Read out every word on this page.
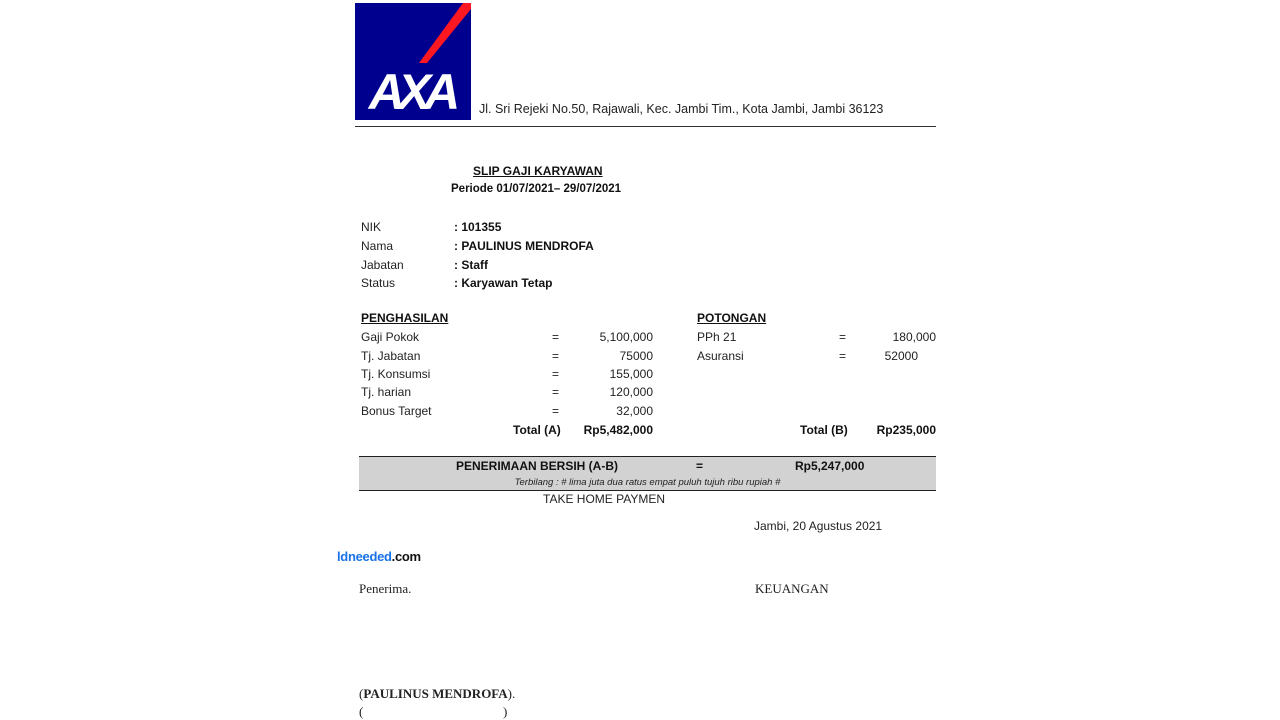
AXA	Jl. Sri Rejeki No.50, Rajawali, Kec. Jambi Tim., Kota Jambi, Jambi 36123
SLIP GAJI KARYAWAN
Periode 01/07/2021– 29/07/2021
NIK	: 101355
Nama	: PAULINUS MENDROFA
Jabatan	: Staff
Status	: Karyawan Tetap
PENGHASILAN
Gaji Pokok	=	5,100,000
Tj. Jabatan	=	75000
Tj. Konsumsi	=	155,000
Tj. harian	=	120,000
Bonus Target	=	32,000
Total (A)	Rp5,482,000
POTONGAN
PPh 21	=	180,000
Asuransi	=	52000
Total (B)	Rp235,000
PENERIMAAN BERSIH (A-B)	=	Rp5,247,000
Terbilang : # lima juta dua ratus empat puluh tujuh ribu rupiah #
TAKE HOME PAYMEN
Jambi, 20 Agustus 2021
ldneeded.com
Penerima.	KEUANGAN
(PAULINUS MENDROFA).
(	)
